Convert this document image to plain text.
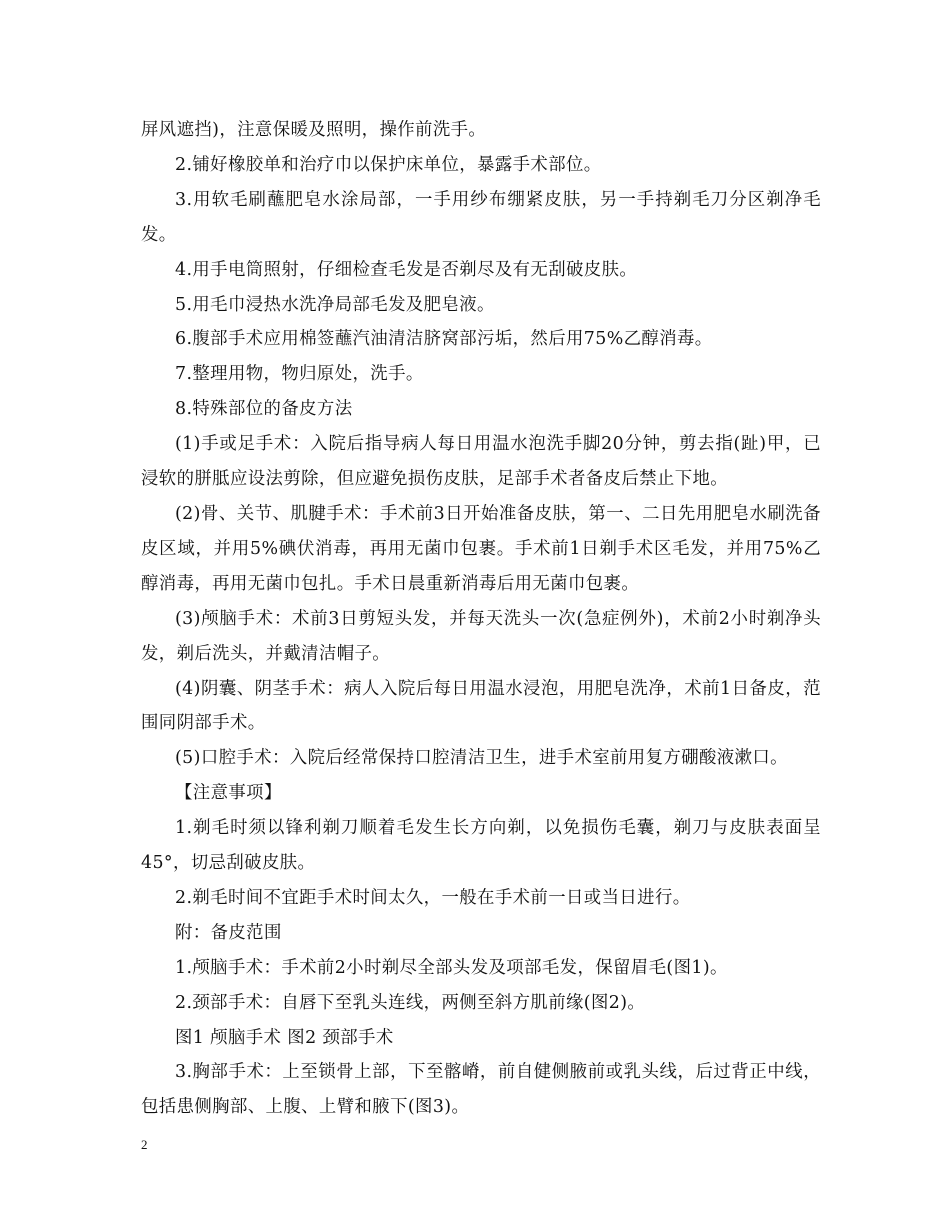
屏风遮挡)，注意保暖及照明，操作前洗手。

2.铺好橡胶单和治疗巾以保护床单位，暴露手术部位。

3.用软毛刷蘸肥皂水涂局部，一手用纱布绷紧皮肤，另一手持剃毛刀分区剃净毛发。

4.用手电筒照射，仔细检查毛发是否剃尽及有无刮破皮肤。

5.用毛巾浸热水洗净局部毛发及肥皂液。

6.腹部手术应用棉签蘸汽油清洁脐窝部污垢，然后用75%乙醇消毒。

7.整理用物，物归原处，洗手。

8.特殊部位的备皮方法

(1)手或足手术：入院后指导病人每日用温水泡洗手脚20分钟，剪去指(趾)甲，已浸软的胼胝应设法剪除，但应避免损伤皮肤，足部手术者备皮后禁止下地。

(2)骨、关节、肌腱手术：手术前3日开始准备皮肤，第一、二日先用肥皂水刷洗备皮区域，并用5%碘伏消毒，再用无菌巾包裹。手术前1日剃手术区毛发，并用75%乙醇消毒，再用无菌巾包扎。手术日晨重新消毒后用无菌巾包裹。

(3)颅脑手术：术前3日剪短头发，并每天洗头一次(急症例外)，术前2小时剃净头发，剃后洗头，并戴清洁帽子。

(4)阴囊、阴茎手术：病人入院后每日用温水浸泡，用肥皂洗净，术前1日备皮，范围同阴部手术。

(5)口腔手术：入院后经常保持口腔清洁卫生，进手术室前用复方硼酸液漱口。

【注意事项】

1.剃毛时须以锋利剃刀顺着毛发生长方向剃，以免损伤毛囊，剃刀与皮肤表面呈45°，切忌刮破皮肤。

2.剃毛时间不宜距手术时间太久，一般在手术前一日或当日进行。

附：备皮范围

1.颅脑手术：手术前2小时剃尽全部头发及项部毛发，保留眉毛(图1)。

2.颈部手术：自唇下至乳头连线，两侧至斜方肌前缘(图2)。

图1 颅脑手术 图2 颈部手术

3.胸部手术：上至锁骨上部，下至髂嵴，前自健侧腋前或乳头线，后过背正中线，包括患侧胸部、上腹、上臂和腋下(图3)。

2
